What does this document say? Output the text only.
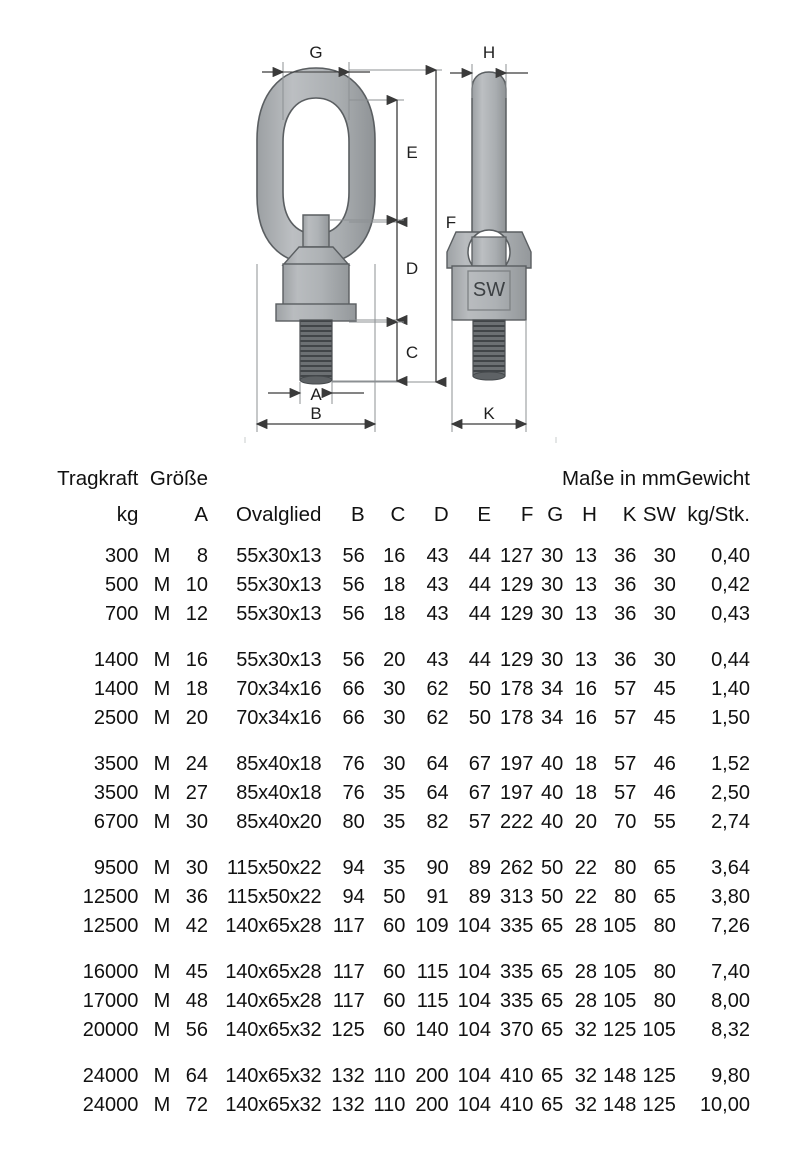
G
E
F
D
C
A
B
SW
H
K
Tragkraft	Größe		Maße in mm										Gewicht
kg	A		Ovalglied	B	C	D	E	F	G	H	K	SW	kg/Stk.
300	M	8	55x30x13	56	16	43	44	127	30	13	36	30	0,40
500	M	10	55x30x13	56	18	43	44	129	30	13	36	30	0,42
700	M	12	55x30x13	56	18	43	44	129	30	13	36	30	0,43
1400	M	16	55x30x13	56	20	43	44	129	30	13	36	30	0,44
1400	M	18	70x34x16	66	30	62	50	178	34	16	57	45	1,40
2500	M	20	70x34x16	66	30	62	50	178	34	16	57	45	1,50
3500	M	24	85x40x18	76	30	64	67	197	40	18	57	46	1,52
3500	M	27	85x40x18	76	35	64	67	197	40	18	57	46	2,50
6700	M	30	85x40x20	80	35	82	57	222	40	20	70	55	2,74
9500	M	30	115x50x22	94	35	90	89	262	50	22	80	65	3,64
12500	M	36	115x50x22	94	50	91	89	313	50	22	80	65	3,80
12500	M	42	140x65x28	117	60	109	104	335	65	28	105	80	7,26
16000	M	45	140x65x28	117	60	115	104	335	65	28	105	80	7,40
17000	M	48	140x65x28	117	60	115	104	335	65	28	105	80	8,00
20000	M	56	140x65x32	125	60	140	104	370	65	32	125	105	8,32
24000	M	64	140x65x32	132	110	200	104	410	65	32	148	125	9,80
24000	M	72	140x65x32	132	110	200	104	410	65	32	148	125	10,00
